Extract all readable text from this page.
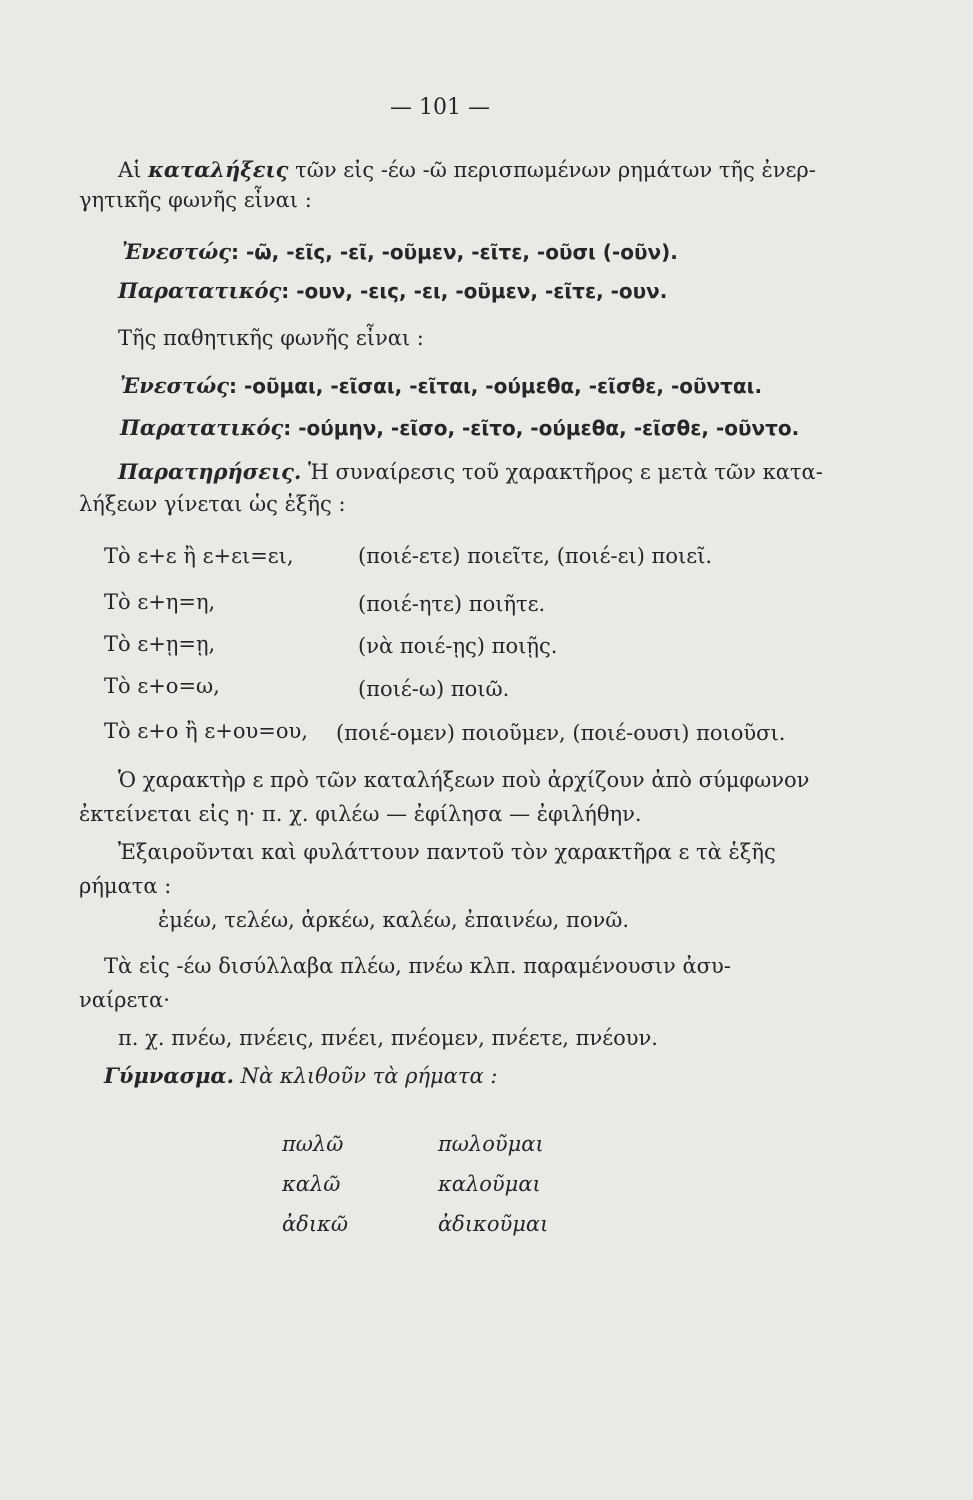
— 101 —
Αἱ καταλήξεις τῶν εἰς -έω -ῶ περισπωμένων ρημάτων τῆς ἐνερ-
γητικῆς φωνῆς εἶναι :
Ἐνεστώς: -ῶ, -εῖς, -εῖ, -οῦμεν, -εῖτε, -οῦσι (-οῦν).
Παρατατικός: -ουν, -εις, -ει, -οῦμεν, -εῖτε, -ουν.
Τῆς παθητικῆς φωνῆς εἶναι :
Ἐνεστώς: -οῦμαι, -εῖσαι, -εῖται, -ούμεθα, -εῖσθε, -οῦνται.
Παρατατικός: -ούμην, -εῖσο, -εῖτο, -ούμεθα, -εῖσθε, -οῦντο.
Παρατηρήσεις. Ἡ συναίρεσις τοῦ χαρακτῆρος ε μετὰ τῶν κατα-
λήξεων γίνεται ὡς ἑξῆς :
Τὸ ε+ε ἢ ε+ει=ει,	(ποιέ-ετε) ποιεῖτε, (ποιέ-ει) ποιεῖ.
Τὸ ε+η=η,	(ποιέ-ητε) ποιῆτε.
Τὸ ε+ῃ=ῃ,	(νὰ ποιέ-ῃς) ποιῇς.
Τὸ ε+ο=ω,	(ποιέ-ω) ποιῶ.
Τὸ ε+ο ἢ ε+ου=ου, (ποιέ-ομεν) ποιοῦμεν, (ποιέ-ουσι) ποιοῦσι.
Ὁ χαρακτὴρ ε πρὸ τῶν καταλήξεων ποὺ ἀρχίζουν ἀπὸ σύμφωνον
ἐκτείνεται εἰς η· π. χ. φιλέω — ἐφίλησα — ἐφιλήθην.
Ἐξαιροῦνται καὶ φυλάττουν παντοῦ τὸν χαρακτῆρα ε τὰ ἑξῆς
ρήματα :
ἐμέω, τελέω, ἀρκέω, καλέω, ἐπαινέω, πονῶ.
Τὰ εἰς -έω δισύλλαβα πλέω, πνέω κλπ. παραμένουσιν ἀσυ-
ναίρετα·
π. χ. πνέω, πνέεις, πνέει, πνέομεν, πνέετε, πνέουν.
Γύμνασμα. Νὰ κλιθοῦν τὰ ρήματα :
πωλῶ	πωλοῦμαι
καλῶ	καλοῦμαι
ἀδικῶ	ἀδικοῦμαι
